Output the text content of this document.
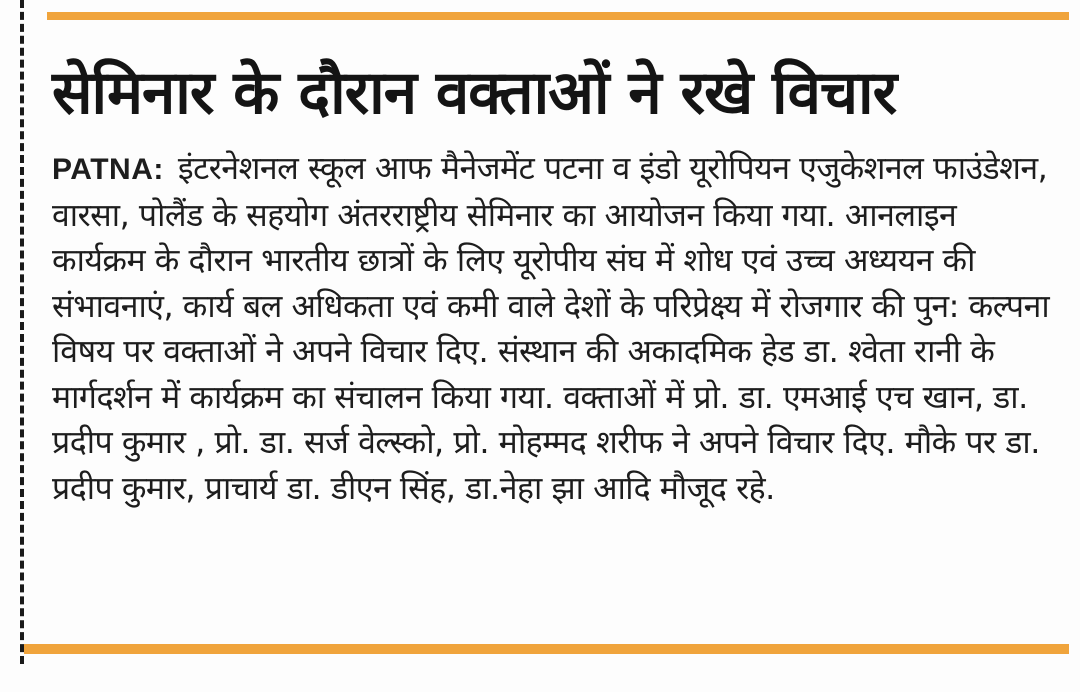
सेमिनार के दौरान वक्ताओं ने रखे विचार

PATNA: इंटरनेशनल स्कूल आफ मैनेजमेंट पटना व इंडो यूरोपियन एजुकेशनल फाउंडेशन, वारसा, पोलैंड के सहयोग अंतरराष्ट्रीय सेमिनार का आयोजन किया गया. आनलाइन कार्यक्रम के दौरान भारतीय छात्रों के लिए यूरोपीय संघ में शोध एवं उच्च अध्ययन की संभावनाएं, कार्य बल अधिकता एवं कमी वाले देशों के परिप्रेक्ष्य में रोजगार की पुन: कल्पना विषय पर वक्ताओं ने अपने विचार दिए. संस्थान की अकादमिक हेड डा. श्वेता रानी के मार्गदर्शन में कार्यक्रम का संचालन किया गया. वक्ताओं में प्रो. डा. एमआई एच खान, डा. प्रदीप कुमार , प्रो. डा. सर्ज वेल्स्को, प्रो. मोहम्मद शरीफ ने अपने विचार दिए. मौके पर डा. प्रदीप कुमार, प्राचार्य डा. डीएन सिंह, डा.नेहा झा आदि मौजूद रहे.
